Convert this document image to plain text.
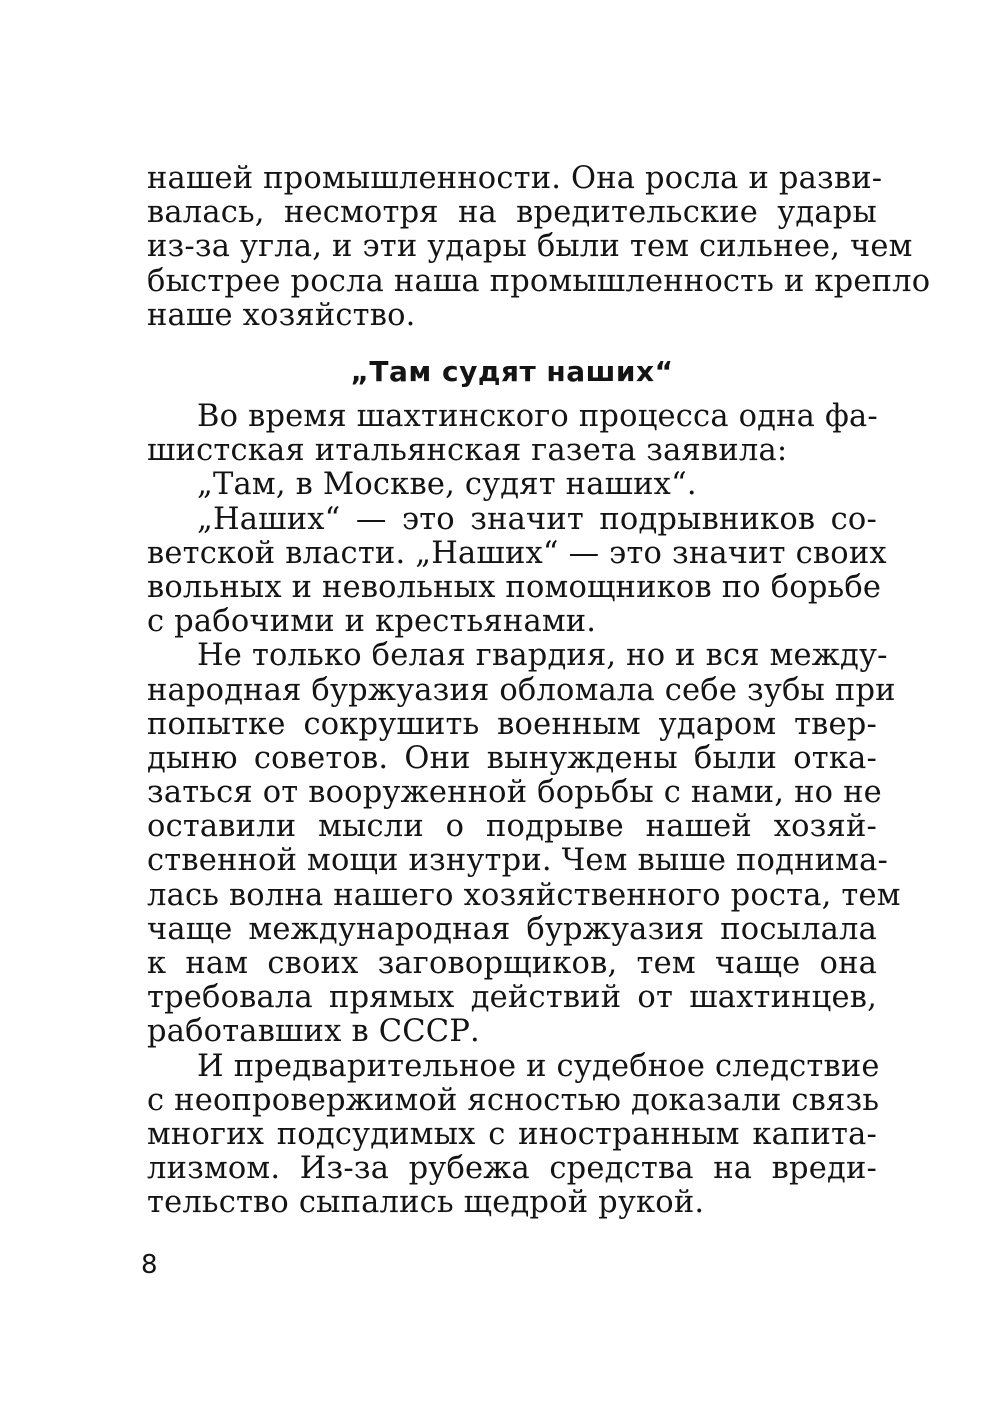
нашей промышленности. Она росла и разви-
валась, несмотря на вредительские удары
из-за угла, и эти удары были тем сильнее, чем
быстрее росла наша промышленность и крепло
наше хозяйство.
„Там судят наших“
Во время шахтинского процесса одна фа-
шистская итальянская газета заявила:
„Там, в Москве, судят наших“.
„Наших“ — это значит подрывников со-
ветской власти. „Наших“ — это значит своих
вольных и невольных помощников по борьбе
с рабочими и крестьянами.
Не только белая гвардия, но и вся между-
народная буржуазия обломала себе зубы при
попытке сокрушить военным ударом твер-
дыню советов. Они вынуждены были отка-
заться от вооруженной борьбы с нами, но не
оставили мысли о подрыве нашей хозяй-
ственной мощи изнутри. Чем выше поднима-
лась волна нашего хозяйственного роста, тем
чаще международная буржуазия посылала
к нам своих заговорщиков, тем чаще она
требовала прямых действий от шахтинцев,
работавших в СССР.
И предварительное и судебное следствие
с неопровержимой ясностью доказали связь
многих подсудимых с иностранным капита-
лизмом. Из-за рубежа средства на вреди-
тельство сыпались щедрой рукой.
8
